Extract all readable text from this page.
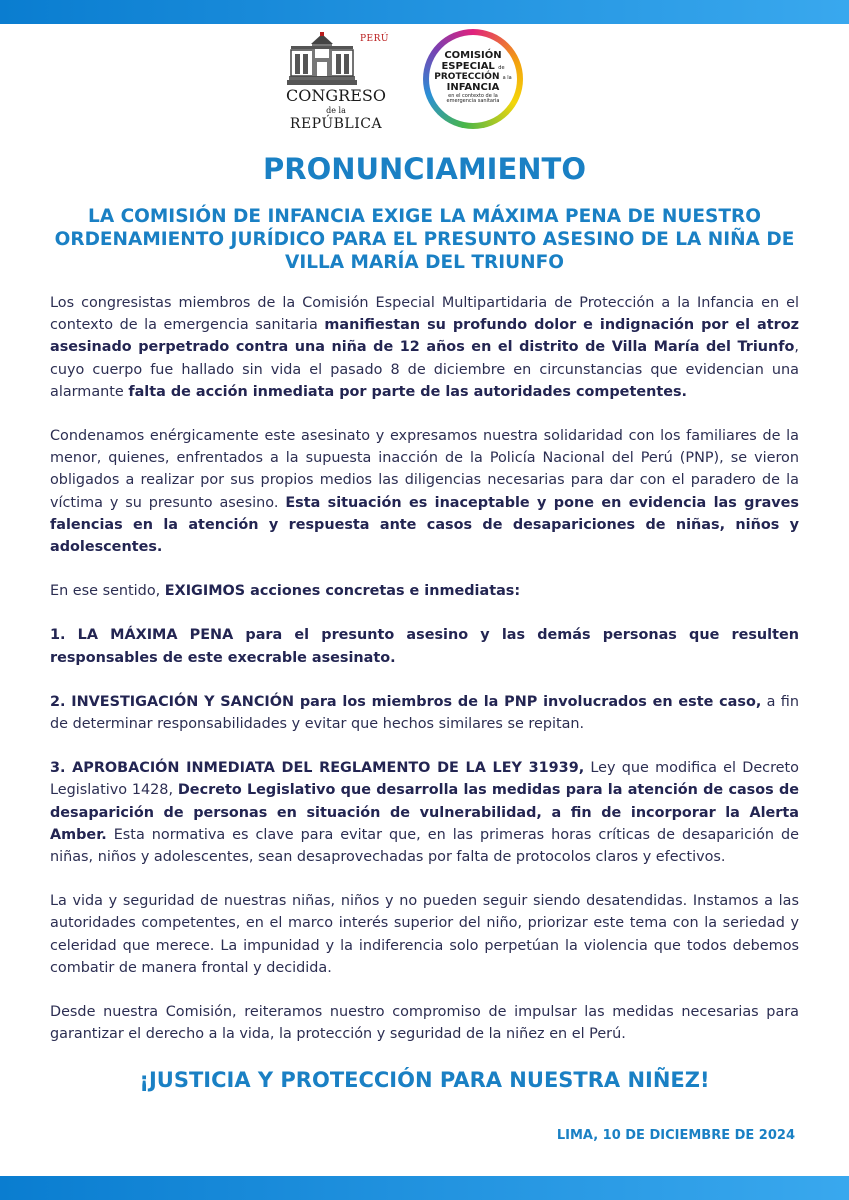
PERÚ
CONGRESO
de la
REPÚBLICA
COMISIÓN
ESPECIAL de
PROTECCIÓN a la
INFANCIA
en el contexto de la
emergencia sanitaria
PRONUNCIAMIENTO
LA COMISIÓN DE INFANCIA EXIGE LA MÁXIMA PENA DE NUESTRO ORDENAMIENTO JURÍDICO PARA EL PRESUNTO ASESINO DE LA NIÑA DE VILLA MARÍA DEL TRIUNFO

Los congresistas miembros de la Comisión Especial Multipartidaria de Protección a la Infancia en el contexto de la emergencia sanitaria manifiestan su profundo dolor e indignación por el atroz asesinado perpetrado contra una niña de 12 años en el distrito de Villa María del Triunfo, cuyo cuerpo fue hallado sin vida el pasado 8 de diciembre en circunstancias que evidencian una alarmante falta de acción inmediata por parte de las autoridades competentes.

Condenamos enérgicamente este asesinato y expresamos nuestra solidaridad con los familiares de la menor, quienes, enfrentados a la supuesta inacción de la Policía Nacional del Perú (PNP), se vieron obligados a realizar por sus propios medios las diligencias necesarias para dar con el paradero de la víctima y su presunto asesino. Esta situación es inaceptable y pone en evidencia las graves falencias en la atención y respuesta ante casos de desapariciones de niñas, niños y adolescentes.

En ese sentido, EXIGIMOS acciones concretas e inmediatas:

1. LA MÁXIMA PENA para el presunto asesino y las demás personas que resulten responsables de este execrable asesinato.

2. INVESTIGACIÓN Y SANCIÓN para los miembros de la PNP involucrados en este caso, a fin de determinar responsabilidades y evitar que hechos similares se repitan.

3. APROBACIÓN INMEDIATA DEL REGLAMENTO DE LA LEY 31939, Ley que modifica el Decreto Legislativo 1428, Decreto Legislativo que desarrolla las medidas para la atención de casos de desaparición de personas en situación de vulnerabilidad, a fin de incorporar la Alerta Amber. Esta normativa es clave para evitar que, en las primeras horas críticas de desaparición de niñas, niños y adolescentes, sean desaprovechadas por falta de protocolos claros y efectivos.

La vida y seguridad de nuestras niñas, niños y no pueden seguir siendo desatendidas. Instamos a las autoridades competentes, en el marco interés superior del niño, priorizar este tema con la seriedad y celeridad que merece. La impunidad y la indiferencia solo perpetúan la violencia que todos debemos combatir de manera frontal y decidida.

Desde nuestra Comisión, reiteramos nuestro compromiso de impulsar las medidas necesarias para garantizar el derecho a la vida, la protección y seguridad de la niñez en el Perú.

¡JUSTICIA Y PROTECCIÓN PARA NUESTRA NIÑEZ!
LIMA, 10 DE DICIEMBRE DE 2024
